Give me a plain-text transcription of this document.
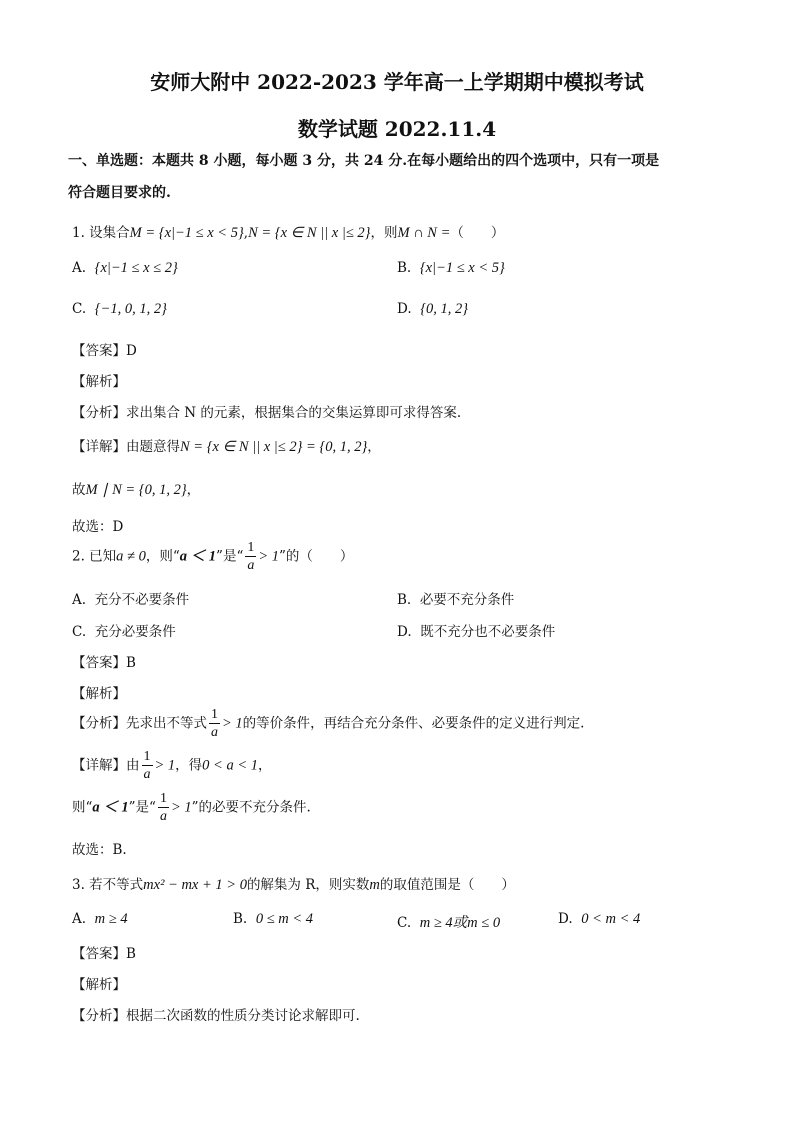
安师大附中 2022-2023 学年高一上学期期中模拟考试
数学试题 2022.11.4
一、单选题：本题共 8 小题，每小题 3 分，共 24 分.在每小题给出的四个选项中，只有一项是
符合题目要求的.
1. 设集合M = {x|−1 ≤ x < 5},N = {x ∈ N || x |≤ 2}，则M ∩ N =（　　）
A. {x|−1 ≤ x ≤ 2}	B. {x|−1 ≤ x < 5}
C. {−1, 0, 1, 2}	D. {0, 1, 2}
【答案】D
【解析】
【分析】求出集合 N 的元素，根据集合的交集运算即可求得答案.
【详解】由题意得N = {x ∈ N || x |≤ 2} = {0, 1, 2}，
故M ∣ N = {0, 1, 2}，
故选：D
2. 已知a ≠ 0，则“a ＜ 1”是“ $\frac{1}{a} > 1$”的（　　）
A. 充分不必要条件	B. 必要不充分条件
C. 充分必要条件	D. 既不充分也不必要条件
【答案】B
【解析】
【分析】先求出不等式 $\frac{1}{a} > 1$的等价条件，再结合充分条件、必要条件的定义进行判定.
【详解】由 $\frac{1}{a} > 1$，得0 < a < 1，
则“a ＜ 1”是“ $\frac{1}{a} > 1$”的必要不充分条件.
故选：B.
3. 若不等式mx² − mx + 1 > 0的解集为 R，则实数m的取值范围是（　　）
A. m ≥ 4	B. 0 ≤ m < 4	C. m ≥ 4或m ≤ 0	D. 0 < m < 4
【答案】B
【解析】
【分析】根据二次函数的性质分类讨论求解即可.
